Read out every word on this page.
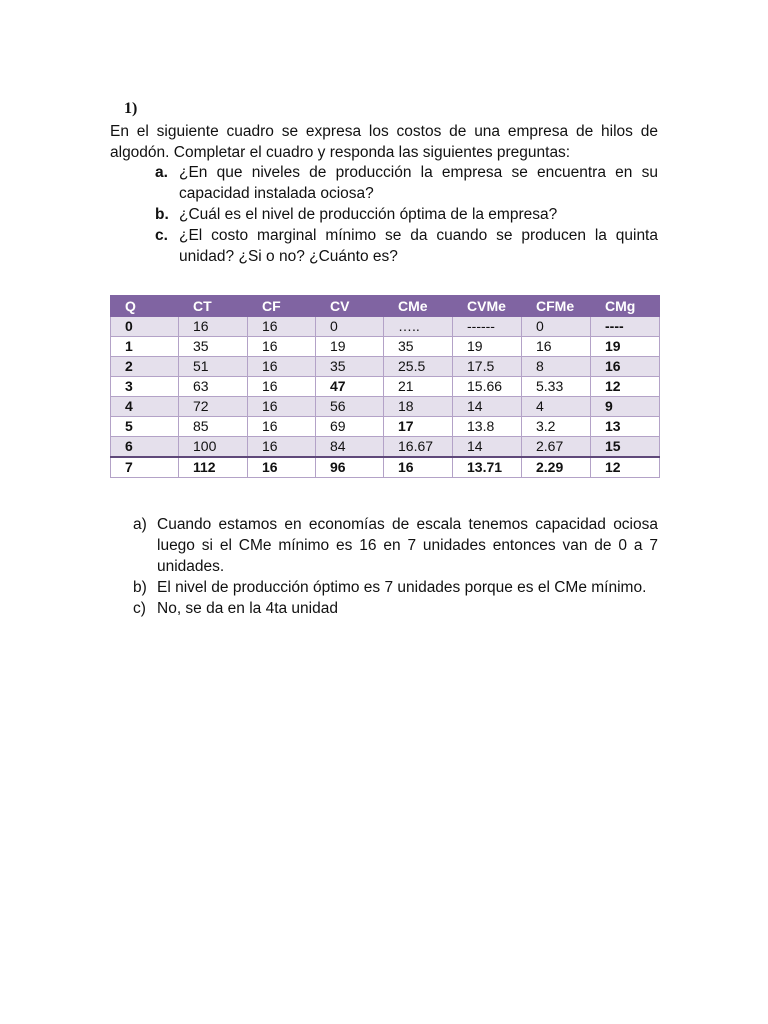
1)
En el siguiente cuadro se expresa los costos de una empresa de hilos de algodón. Completar el cuadro y responda las siguientes preguntas:
a. ¿En que niveles de producción la empresa se encuentra en su capacidad instalada ociosa?
b. ¿Cuál es el nivel de producción óptima de la empresa?
c. ¿El costo marginal mínimo se da cuando se producen la quinta unidad? ¿Si o no? ¿Cuánto es?
Q	CT	CF	CV	CMe	CVMe	CFMe	CMg
0	16	16	0	…..	------	0	----
1	35	16	19	35	19	16	19
2	51	16	35	25.5	17.5	8	16
3	63	16	47	21	15.66	5.33	12
4	72	16	56	18	14	4	9
5	85	16	69	17	13.8	3.2	13
6	100	16	84	16.67	14	2.67	15
7	112	16	96	16	13.71	2.29	12
a) Cuando estamos en economías de escala tenemos capacidad ociosa luego si el CMe mínimo es 16 en 7 unidades entonces van de 0 a 7 unidades.
b) El nivel de producción óptimo es 7 unidades porque es el CMe mínimo.
c) No, se da en la 4ta unidad
